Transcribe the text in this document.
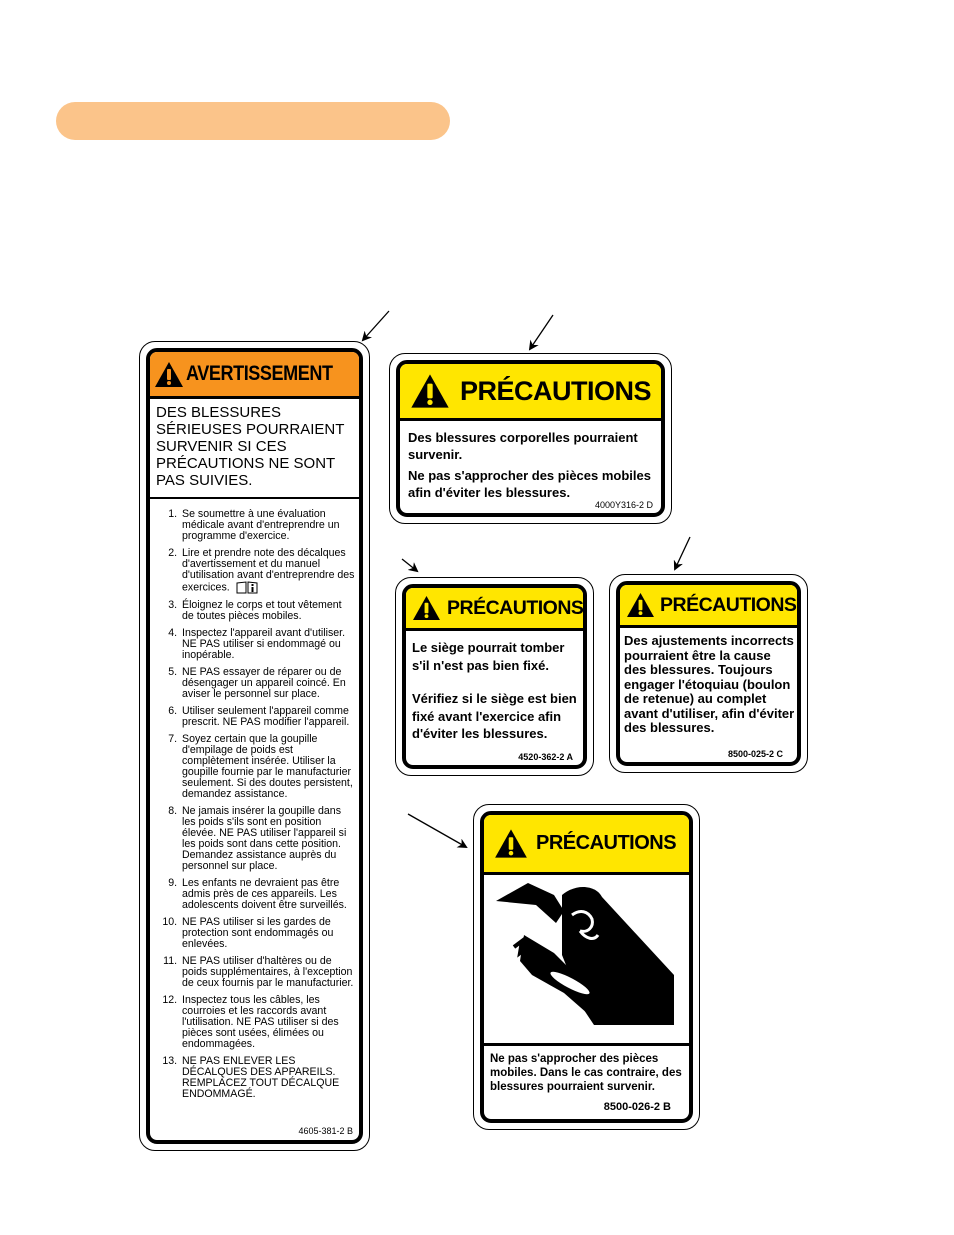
AVERTISSEMENT
DES BLESSURES SÉRIEUSES POURRAIENT SURVENIR SI CES PRÉCAUTIONS NE SONT PAS SUIVIES.
1. Se soumettre à une évaluation médicale avant d'entreprendre un programme d'exercice.
2. Lire et prendre note des décalques d'avertissement et du manuel d'utilisation avant d'entreprendre des exercices.
3. Éloignez le corps et tout vêtement de toutes pièces mobiles.
4. Inspectez l'appareil avant d'utiliser. NE PAS utiliser si endommagé ou inopérable.
5. NE PAS essayer de réparer ou de désengager un appareil coincé. En aviser le personnel sur place.
6. Utiliser seulement l'appareil comme prescrit. NE PAS modifier l'appareil.
7. Soyez certain que la goupille d'empilage de poids est complètement insérée. Utiliser la goupille fournie par le manufacturier seulement. Si des doutes persistent, demandez assistance.
8. Ne jamais insérer la goupille dans les poids s'ils sont en position élevée. NE PAS utiliser l'appareil si les poids sont dans cette position. Demandez assistance auprès du personnel sur place.
9. Les enfants ne devraient pas être admis près de ces appareils. Les adolescents doivent être surveillés.
10. NE PAS utiliser si les gardes de protection sont endommagés ou enlevées.
11. NE PAS utiliser d'haltères ou de poids supplémentaires, à l'exception de ceux fournis par le manufacturier.
12. Inspectez tous les câbles, les courroies et les raccords avant l'utilisation. NE PAS utiliser si des pièces sont usées, élimées ou endommagées.
13. NE PAS ENLEVER LES DÉCALQUES DES APPAREILS. REMPLACEZ TOUT DÉCALQUE ENDOMMAGÉ.
4605-381-2 B
PRÉCAUTIONS
Des blessures corporelles pourraient survenir.
Ne pas s'approcher des pièces mobiles afin d'éviter les blessures.
4000Y316-2 D
PRÉCAUTIONS
Le siège pourrait tomber s'il n'est pas bien fixé.
Vérifiez si le siège est bien fixé avant l'exercice afin d'éviter les blessures.
4520-362-2 A
PRÉCAUTIONS
Des ajustements incorrects pourraient être la cause des blessures. Toujours engager l'étoquiau (boulon de retenue) au complet avant d'utiliser, afin d'éviter des blessures.
8500-025-2 C
PRÉCAUTIONS
Ne pas s'approcher des pièces mobiles. Dans le cas contraire, des blessures pourraient survenir.
8500-026-2 B
